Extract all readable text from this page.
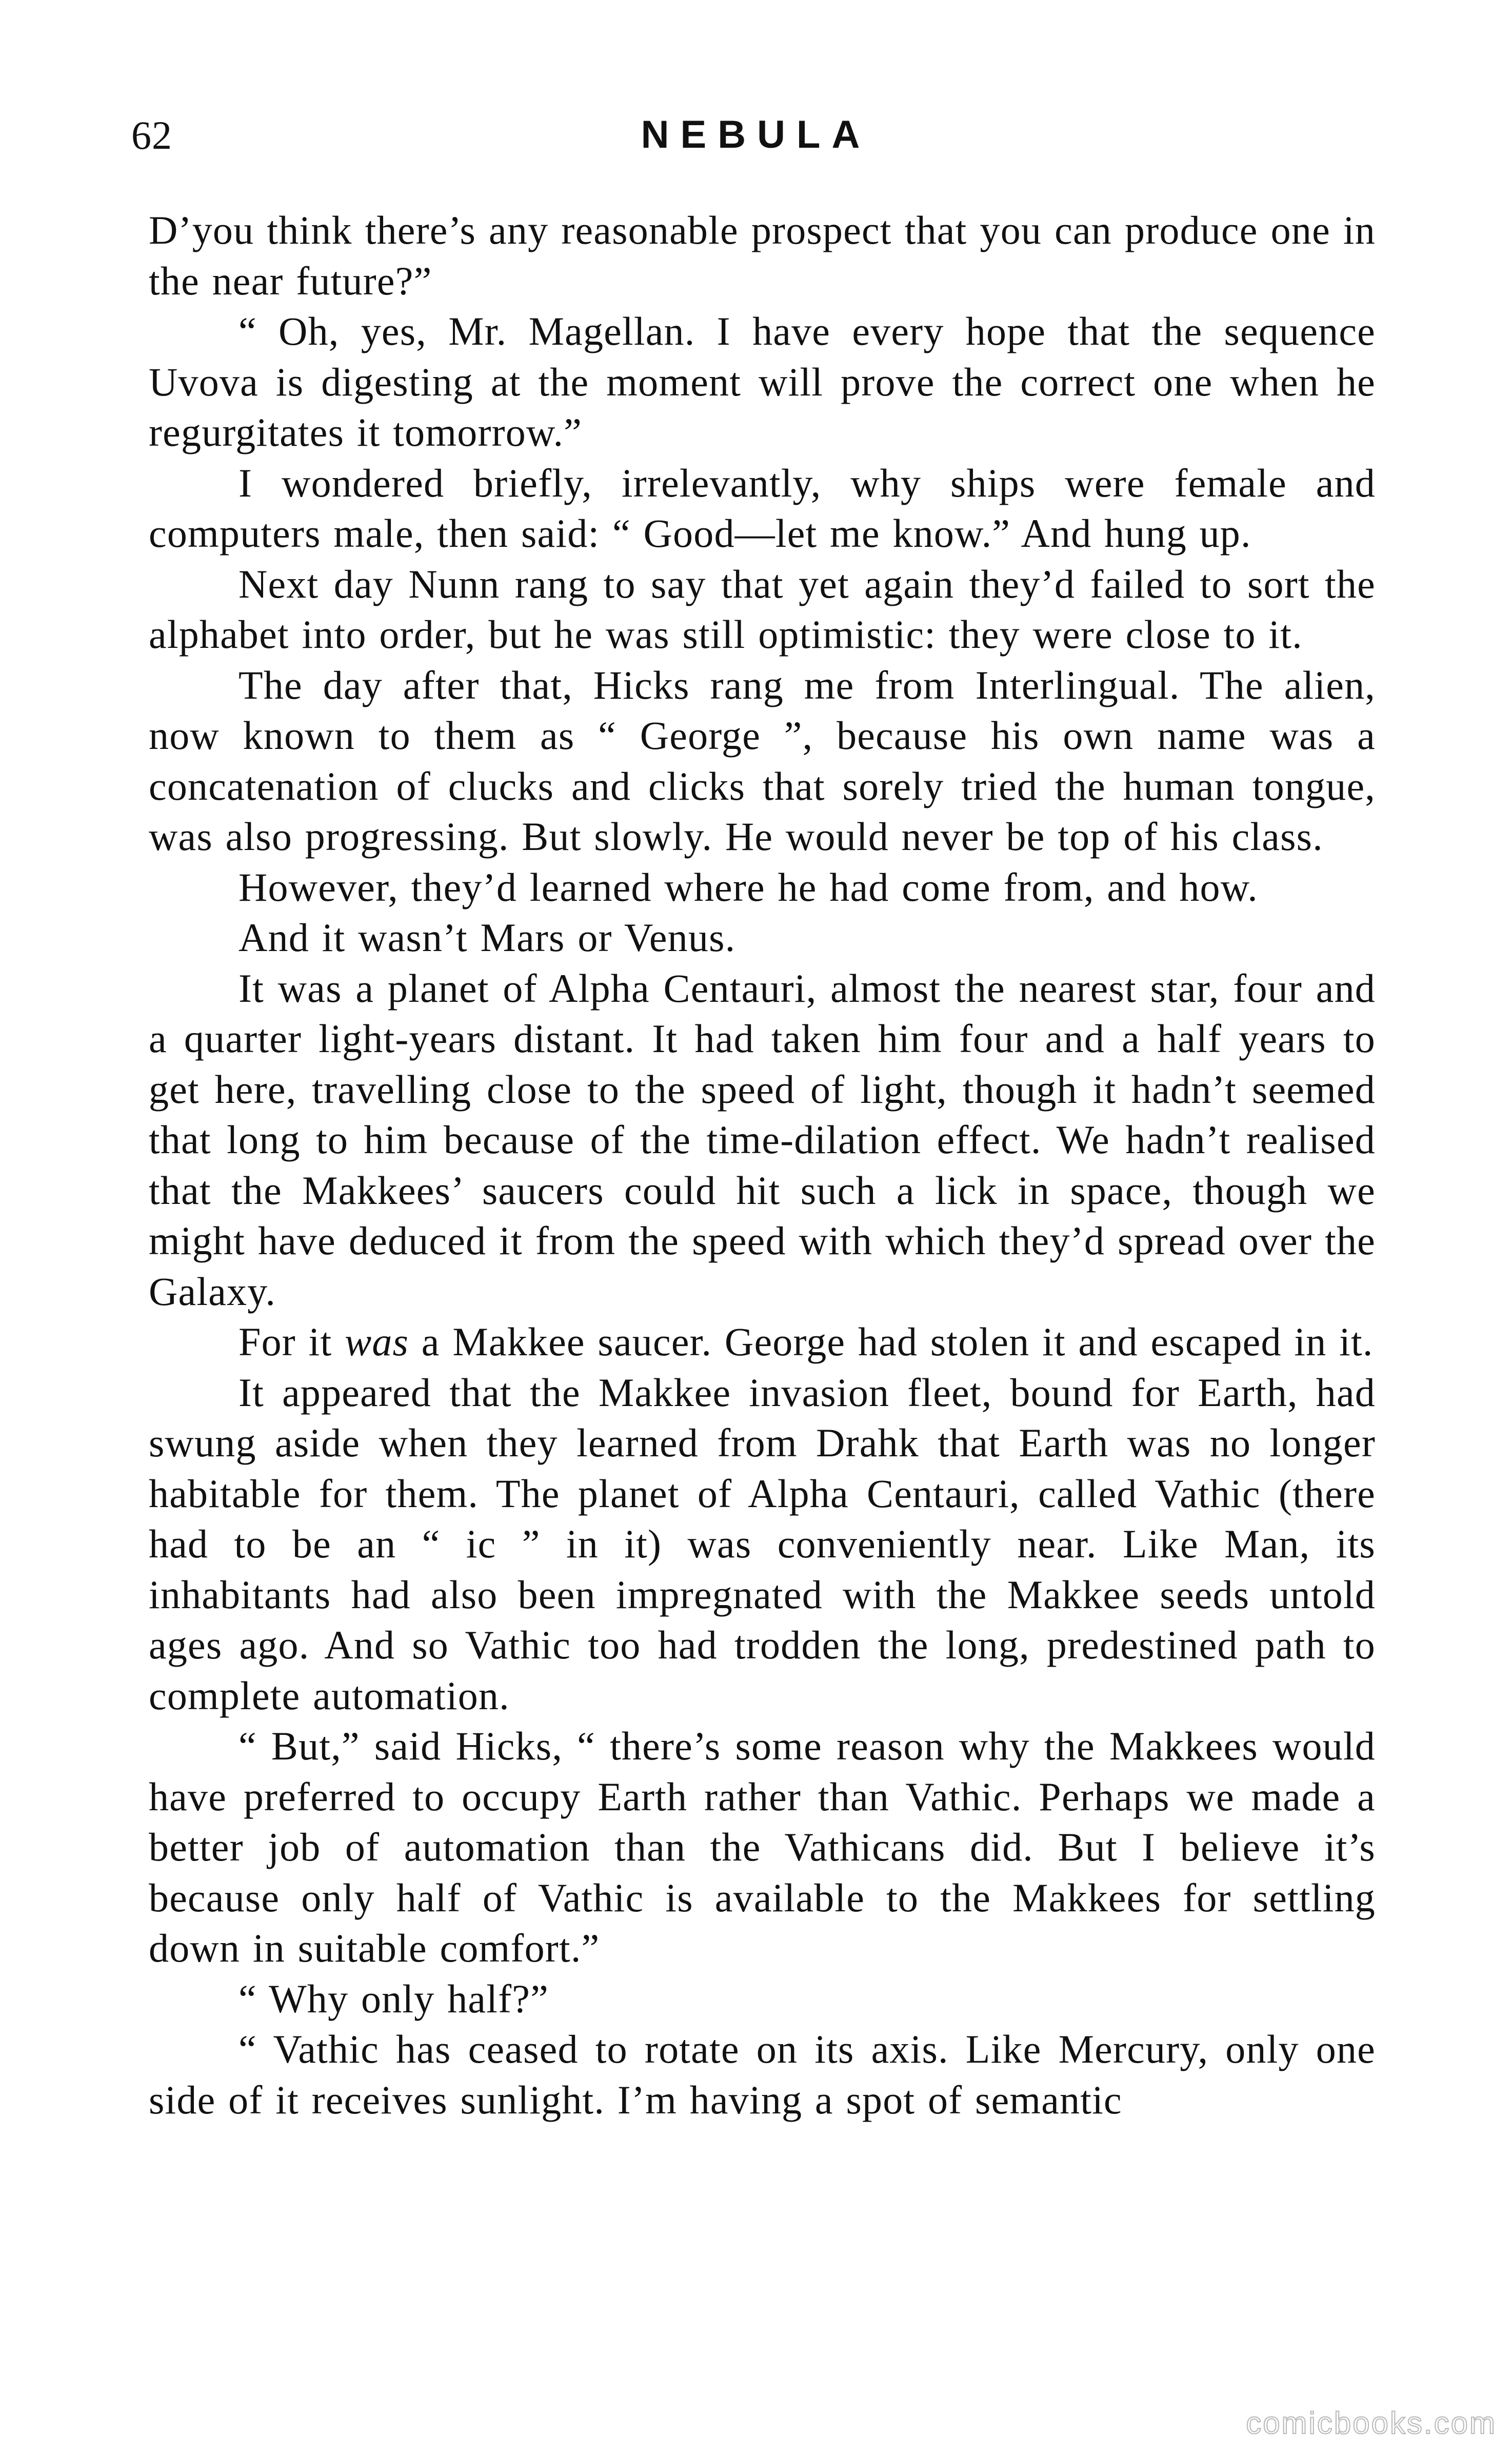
62	NEBULA

D’you think there’s any reasonable prospect that you can produce one in the near future?”

“ Oh, yes, Mr. Magellan. I have every hope that the sequence Uvova is digesting at the moment will prove the correct one when he regurgitates it tomorrow.”

I wondered briefly, irrelevantly, why ships were female and computers male, then said: “ Good—let me know.” And hung up.

Next day Nunn rang to say that yet again they’d failed to sort the alphabet into order, but he was still optimistic: they were close to it.

The day after that, Hicks rang me from Interlingual. The alien, now known to them as “ George ”, because his own name was a concatenation of clucks and clicks that sorely tried the human tongue, was also progressing. But slowly. He would never be top of his class.

However, they’d learned where he had come from, and how.

And it wasn’t Mars or Venus.

It was a planet of Alpha Centauri, almost the nearest star, four and a quarter light-years distant. It had taken him four and a half years to get here, travelling close to the speed of light, though it hadn’t seemed that long to him because of the time-dilation effect. We hadn’t realised that the Makkees’ saucers could hit such a lick in space, though we might have deduced it from the speed with which they’d spread over the Galaxy.

For it was a Makkee saucer. George had stolen it and escaped in it.

It appeared that the Makkee invasion fleet, bound for Earth, had swung aside when they learned from Drahk that Earth was no longer habitable for them. The planet of Alpha Centauri, called Vathic (there had to be an “ ic ” in it) was conveniently near. Like Man, its inhabitants had also been impregnated with the Makkee seeds untold ages ago. And so Vathic too had trodden the long, predestined path to complete automation.

“ But,” said Hicks, “ there’s some reason why the Makkees would have preferred to occupy Earth rather than Vathic. Perhaps we made a better job of automation than the Vathicans did. But I believe it’s because only half of Vathic is available to the Makkees for settling down in suitable comfort.”

“ Why only half?”

“ Vathic has ceased to rotate on its axis. Like Mercury, only one side of it receives sunlight. I’m having a spot of semantic

comicbooks.com
